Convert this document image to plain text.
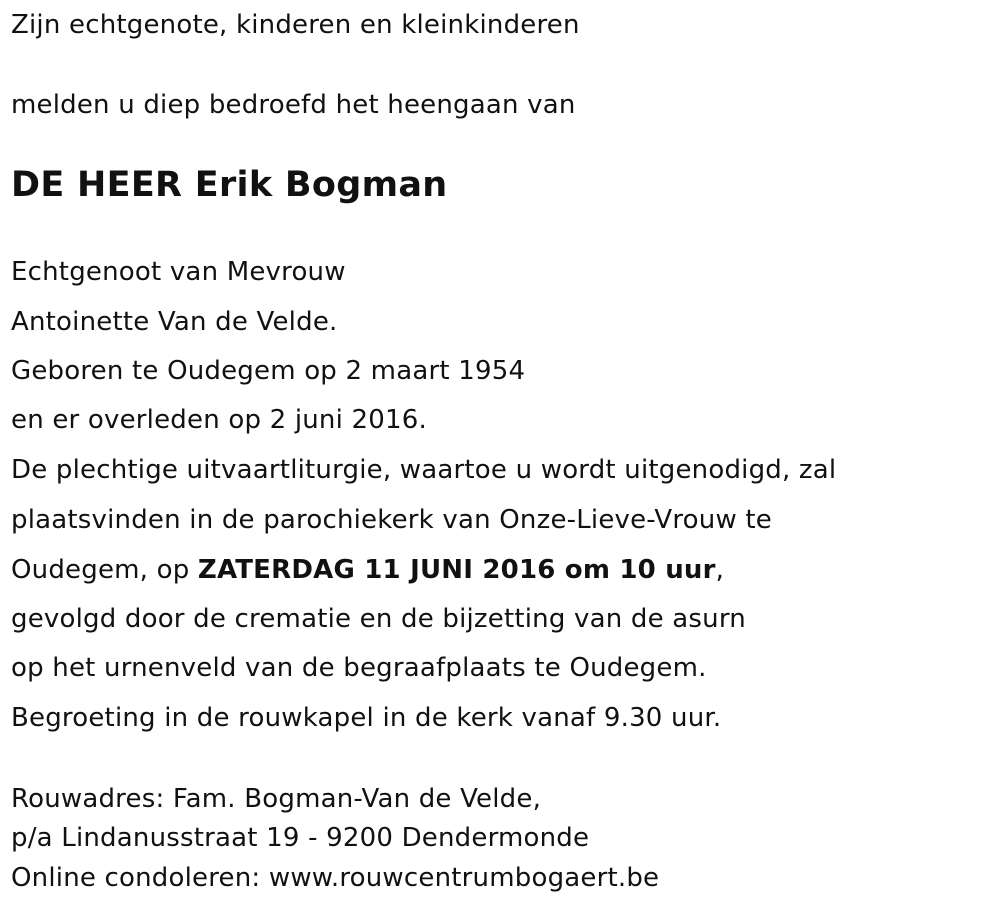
Zijn echtgenote, kinderen en kleinkinderen
melden u diep bedroefd het heengaan van
DE HEER Erik Bogman
Echtgenoot van Mevrouw
Antoinette Van de Velde.
Geboren te Oudegem op 2 maart 1954
en er overleden op 2 juni 2016.
De plechtige uitvaartliturgie, waartoe u wordt uitgenodigd, zal
plaatsvinden in de parochiekerk van Onze-Lieve-Vrouw te
Oudegem, op ZATERDAG 11 JUNI 2016 om 10 uur,
gevolgd door de crematie en de bijzetting van de asurn
op het urnenveld van de begraafplaats te Oudegem.
Begroeting in de rouwkapel in de kerk vanaf 9.30 uur.
Rouwadres: Fam. Bogman-Van de Velde,
p/a Lindanusstraat 19 - 9200 Dendermonde
Online condoleren: www.rouwcentrumbogaert.be
